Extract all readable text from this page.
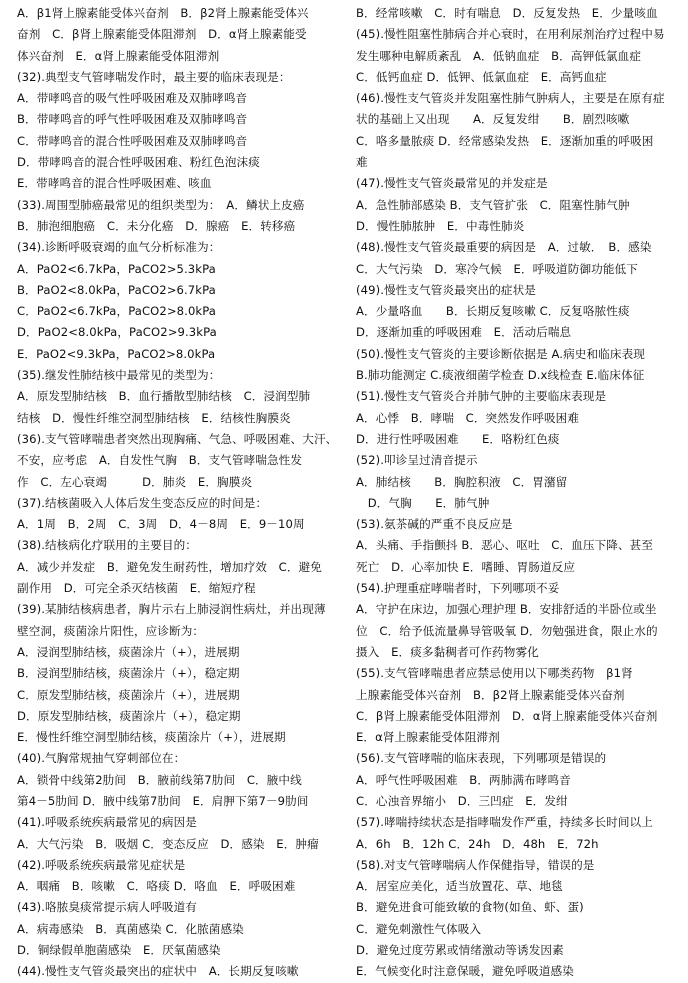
A．β1肾上腺素能受体兴奋剂　B．β2肾上腺素能受体兴
奋剂　C．β肾上腺素能受体阻滞剂　D．α肾上腺素能受
体兴奋剂　E．α肾上腺素能受体阻滞剂
(32).典型支气管哮喘发作时，最主要的临床表现是：
A．带哮鸣音的吸气性呼吸困难及双肺哮鸣音
B．带哮鸣音的呼气性呼吸困难及双肺哮鸣音
C．带哮鸣音的混合性呼吸困难及双肺哮鸣音
D．带哮鸣音的混合性呼吸困难、粉红色泡沫痰
E．带哮鸣音的混合性呼吸困难、咳血
(33).周围型肺癌最常见的组织类型为：　A．鳞状上皮癌
B．肺泡细胞癌　C．未分化癌　D．腺癌　E．转移癌
(34).诊断呼吸衰竭的血气分析标准为：
A．PaO2<6.7kPa，PaCO2>5.3kPa
B．PaO2<8.0kPa，PaCO2>6.7kPa
C．PaO2<6.7kPa，PaCO2>8.0kPa
D．PaO2<8.0kPa，PaCO2>9.3kPa
E．PaO2<9.3kPa，PaCO2>8.0kPa
(35).继发性肺结核中最常见的类型为：
A．原发型肺结核　B．血行播散型肺结核　C．浸润型肺
结核　D．慢性纤维空洞型肺结核　E．结核性胸膜炎
(36).支气管哮喘患者突然出现胸痛、气急、呼吸困难、大汗、
不安，应考虑　A．自发性气胸　B．支气管哮喘急性发
作　C．左心衰竭　　　D．肺炎　E．胸膜炎
(37).结核菌吸入人体后发生变态反应的时间是：
A．1周　B．2周　C．3周　D．4－8周　E．9－10周
(38).结核病化疗联用的主要目的：
A．减少并发症　B．避免发生耐药性，增加疗效　C．避免
副作用　D．可完全杀灭结核菌　E．缩短疗程
(39).某肺结核病患者，胸片示右上肺浸润性病灶，并出现薄
壁空洞，痰菌涂片阳性，应诊断为：
A．浸润型肺结核，痰菌涂片（+），进展期
B．浸润型肺结核，痰菌涂片（+），稳定期
C．原发型肺结核，痰菌涂片（+），进展期
D．原发型肺结核，痰菌涂片（+），稳定期
E．慢性纤维空洞型肺结核，痰菌涂片（+），进展期
(40).气胸常规抽气穿刺部位在：
A．锁骨中线第2肋间　B．腋前线第7肋间　C．腋中线
第4－5肋间 D．腋中线第7肋间　E．肩胛下第7－9肋间
(41).呼吸系统疾病最常见的病因是
A．大气污染　B．吸烟 C．变态反应　D．感染　E．肿瘤
(42).呼吸系统疾病最常见症状是
A．咽痛　B．咳嗽　C．咯痰 D．咯血　E．呼吸困难
(43).咯脓臭痰常提示病人呼吸道有
A．病毒感染　B．真菌感染 C．化脓菌感染
D．铜绿假单胞菌感染　E．厌氧菌感染
(44).慢性支气管炎最突出的症状中　A．长期反复咳嗽
B．经常咳嗽　C．时有喘息　D．反复发热　E．少量咳血
(45).慢性阻塞性肺病合并心衰时，在用利尿剂治疗过程中易
发生哪种电解质紊乱　A．低钠血症　B．高钾低氯血症
C．低钙血症 D．低钾、低氯血症　E．高钙血症
(46).慢性支气管炎并发阻塞性肺气肿病人，主要是在原有症
状的基础上又出现　　A．反复发绀　　B．剧烈咳嗽
C．咯多量脓痰 D．经常感染发热　E．逐渐加重的呼吸困
难
(47).慢性支气管炎最常见的并发症是
A．急性肺部感染 B．支气管扩张　C．阻塞性肺气肿
D．慢性肺脓肿　E．中毒性肺炎
(48).慢性支气管炎最重要的病因是　A．过敏．　B．感染
C．大气污染　D．寒冷气候　E．呼吸道防御功能低下
(49).慢性支气管炎最突出的症状是
A．少量咯血　　B．长期反复咳嗽 C．反复咯脓性痰
D．逐渐加重的呼吸困难　E．活动后喘息
(50).慢性支气管炎的主要诊断依据是 A.病史和临床表现
B.肺功能测定 C.痰液细菌学检查 D.x线检查 E.临床体征
(51).慢性支气管炎合并肺气肿的主要临床表现是
A．心悸　B．哮喘　C．突然发作呼吸困难
D．进行性呼吸困难　　E．咯粉红色痰
(52).叩诊呈过清音提示
A．肺结核　　B．胸腔积液　C．胃潴留
　D．气胸　　E．肺气肿
(53).氨茶碱的严重不良反应是
A．头痛、手指颤抖 B．恶心、呕吐　C．血压下降、甚至
死亡　D．心率加快 E．嗜睡、胃肠道反应
(54).护理重症哮喘者时，下列哪项不妥
A．守护在床边，加强心理护理 B．安排舒适的半卧位或坐
位　C．给予低流量鼻导管吸氧 D．勿勉强进食，限止水的
摄入　E．痰多黏稠者可作药物雾化
(55).支气管哮喘患者应禁忌使用以下哪类药物　β1肾
上腺素能受体兴奋剂　B．β2肾上腺素能受体兴奋剂
C．β肾上腺素能受体阻滞剂　D．α肾上腺素能受体兴奋剂
E．α肾上腺素能受体阻滞剂
(56).支气管哮喘的临床表现，下列哪项是错误的
A．呼气性呼吸困难　B．两肺满布哮鸣音
C．心浊音界缩小　D．三凹症　E．发绀
(57).哮喘持续状态是指哮喘发作严重，持续多长时间以上
A．6h　B．12h C．24h　D．48h　E．72h
(58).对支气管哮喘病人作保健指导，错误的是
A．居室应美化，适当放置花、草、地毯
B．避免进食可能致敏的食物(如鱼、虾、蛋)
C．避免刺激性气体吸入
D．避免过度劳累或情绪激动等诱发因素
E．气候变化时注意保暖，避免呼吸道感染
